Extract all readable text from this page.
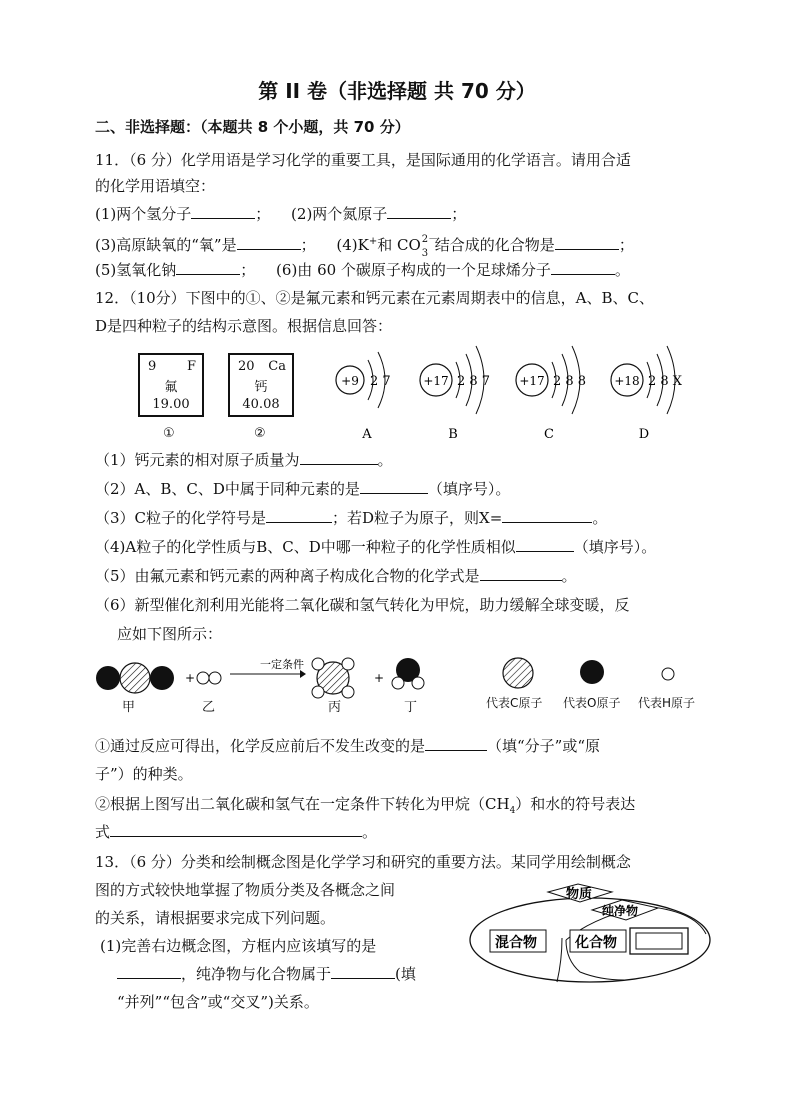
第 II 卷（非选择题 共 70 分）
二、非选择题：（本题共 8 个小题，共 70 分）
11．（6 分）化学用语是学习化学的重要工具，是国际通用的化学语言。请用合适
的化学用语填空：
(1)两个氢分子	； (2)两个氮原子	；
(3)高原缺氧的“氧”是	； (4)K+和 CO 2－
3 结合成的化合物是	；
(5)氢氧化钠	； (6)由 60 个碳原子构成的一个足球烯分子	。
12．（10分）下图中的①、②是氟元素和钙元素在元素周期表中的信息，A、B、C、
D是四种粒子的结构示意图。根据信息回答：
9 F
氟
19.00
20 Ca
钙
40.08
①	②
+9 2 7
A
+17 2 8 7
B
+17 2 8 8
C
+18 2 8 X
D
（1）钙元素的相对原子质量为	。
（2）A、B、C、D中属于同种元素的是	（填序号）。
（3）C粒子的化学符号是	；若D粒子为原子，则X=	。
（4)A粒子的化学性质与B、C、D中哪一种粒子的化学性质相似	（填序号）。
（5）由氟元素和钙元素的两种离子构成化合物的化学式是	。
（6）新型催化剂利用光能将二氧化碳和氢气转化为甲烷，助力缓解全球变暖，反
应如下图所示：
+
一定条件
+
甲	乙	丙	丁	代表C原子 代表O原子 代表H原子
①通过反应可得出，化学反应前后不发生改变的是	（填“分子”或“原
子”）的种类。
②根据上图写出二氧化碳和氢气在一定条件下转化为甲烷$(CH_4)$和水的符号表达
式	。
13．（6 分）分类和绘制概念图是化学学习和研究的重要方法。某同学用绘制概念
图的方式较快地掌握了物质分类及各概念之间
的关系，请根据要求完成下列问题。
(1)完善右边概念图，方框内应该填写的是
，纯净物与化合物属于	(填
“并列”“包含”或“交叉”)关系。
物质
纯净物
混合物	化合物
